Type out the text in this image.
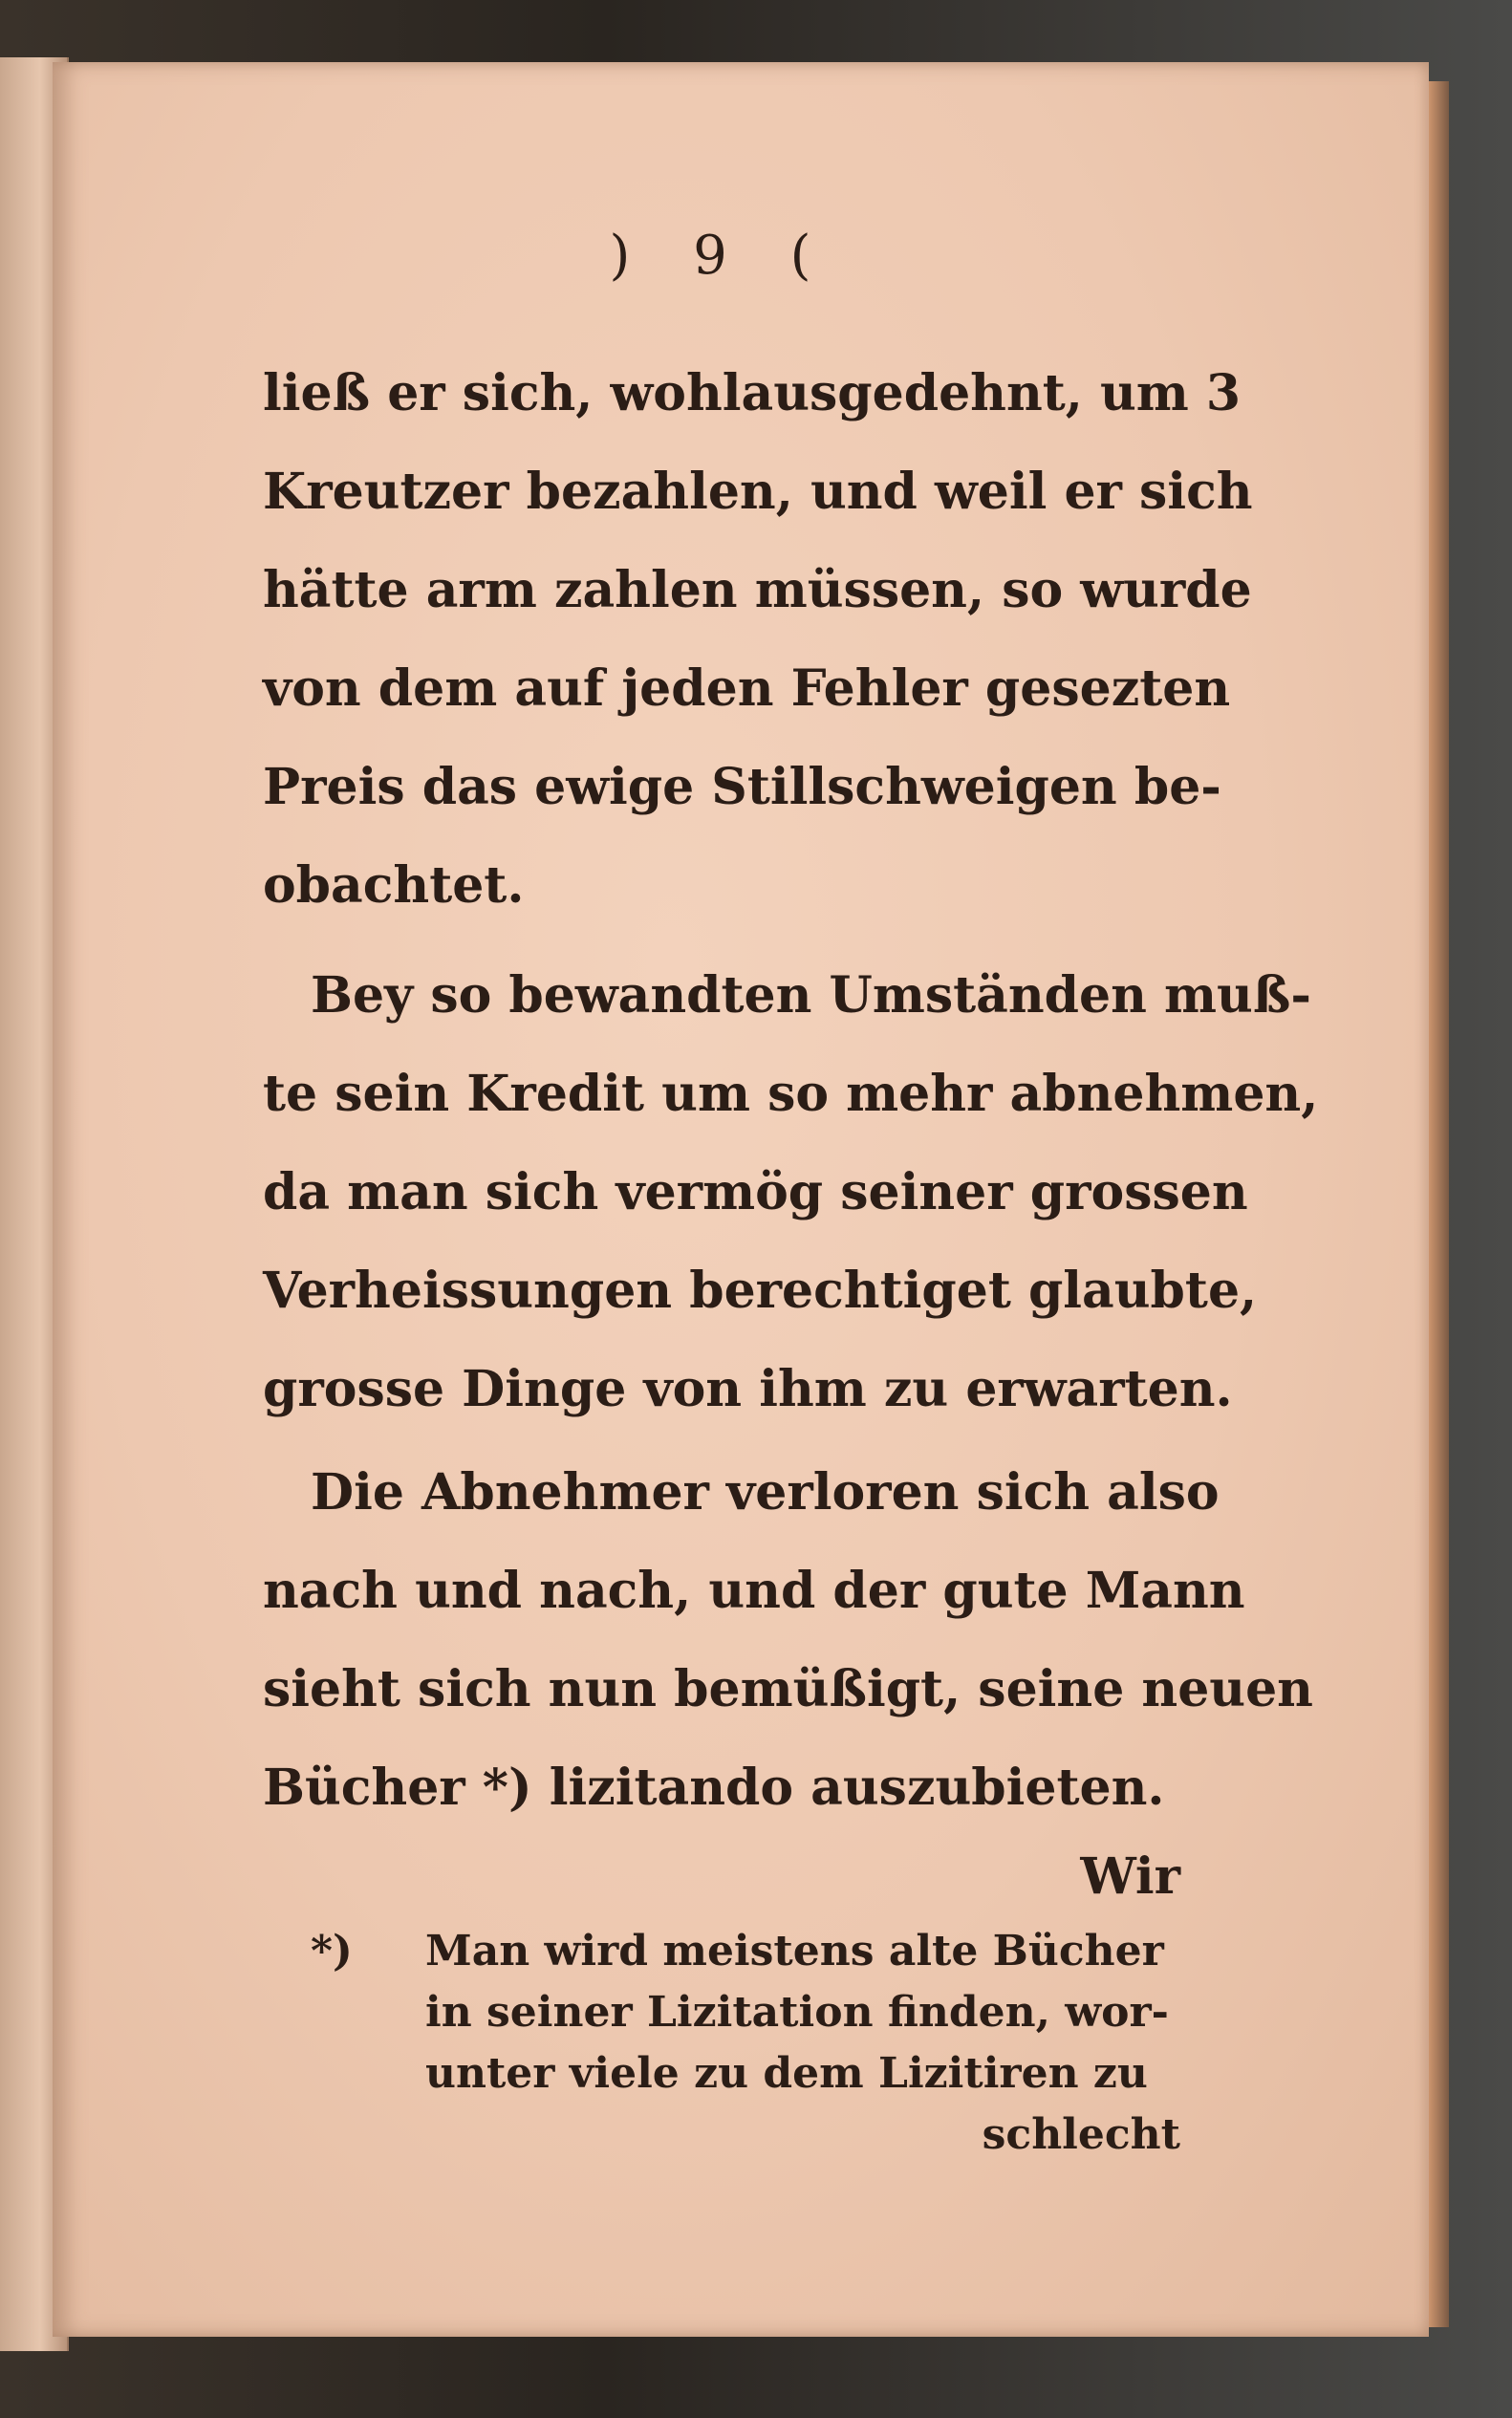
) 9 (
ließ er sich, wohlausgedehnt, um 3
Kreutzer bezahlen, und weil er sich
hätte arm zahlen müssen, so wurde
von dem auf jeden Fehler gesezten
Preis das ewige Stillschweigen be-
obachtet.
Bey so bewandten Umständen muß-
te sein Kredit um so mehr abnehmen,
da man sich vermög seiner grossen
Verheissungen berechtiget glaubte,
grosse Dinge von ihm zu erwarten.
Die Abnehmer verloren sich also
nach und nach, und der gute Mann
sieht sich nun bemüßigt, seine neuen
Bücher *) lizitando auszubieten.
Wir
*) Man wird meistens alte Bücher
in seiner Lizitation finden, wor-
unter viele zu dem Lizitiren zu
schlecht
